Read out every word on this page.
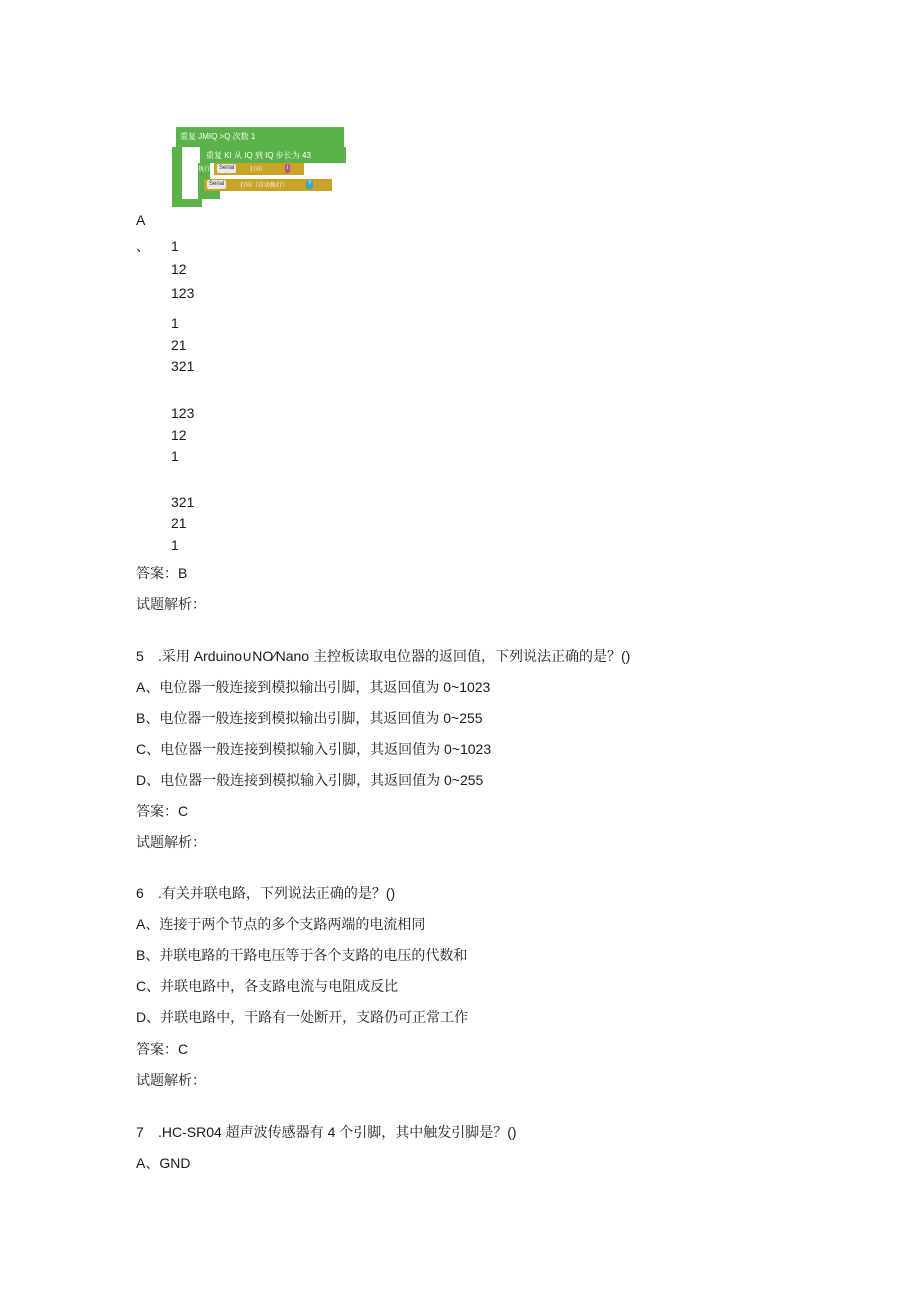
重复 JMIQ >Q 次数 1
重复 KI 从 IQ 到 IQ 步长为 43
执行	Serial	打印	i
Serial	打印（自动换行）	?
A
、 1
12
123
1
21
321
123
12
1
321
21
1
答案：B
试题解析：
5 .采用 Arduino∪NO⁄Nano 主控板读取电位器的返回值，下列说法正确的是？()
A、电位器一般连接到模拟输出引脚，其返回值为 0~1023
B、电位器一般连接到模拟输出引脚，其返回值为 0~255
C、电位器一般连接到模拟输入引脚，其返回值为 0~1023
D、电位器一般连接到模拟输入引脚，其返回值为 0~255
答案：C
试题解析：
6 .有关并联电路，下列说法正确的是？()
A、连接于两个节点的多个支路两端的电流相同
B、并联电路的干路电压等于各个支路的电压的代数和
C、并联电路中，各支路电流与电阻成反比
D、并联电路中，干路有一处断开，支路仍可正常工作
答案：C
试题解析：
7 .HC-SR04 超声波传感器有 4 个引脚，其中触发引脚是？()
A、GND
